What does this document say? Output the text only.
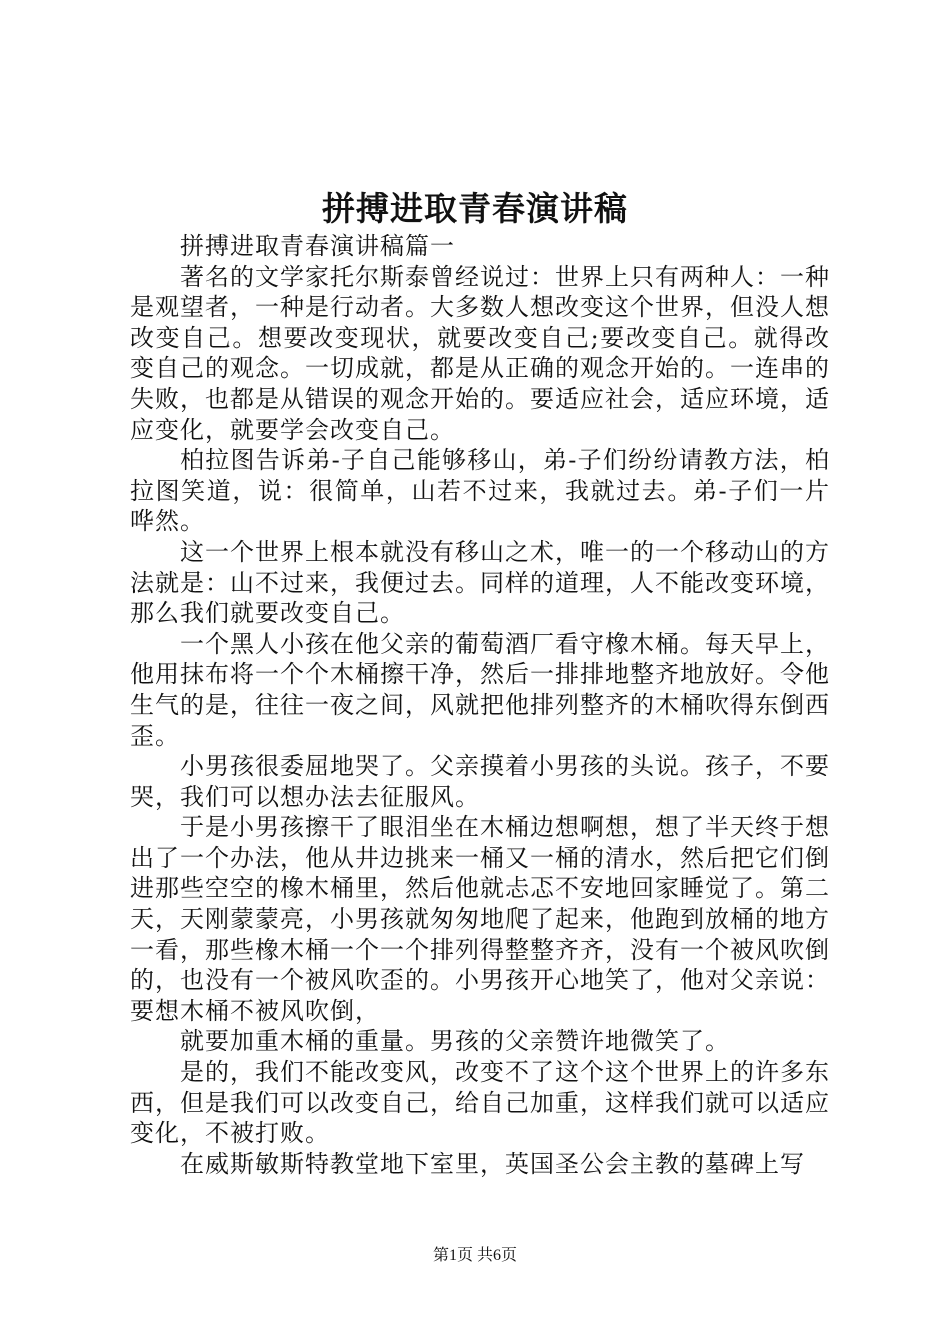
拼搏进取青春演讲稿

拼搏进取青春演讲稿篇一

著名的文学家托尔斯泰曾经说过：世界上只有两种人：一种是观望者，一种是行动者。大多数人想改变这个世界，但没人想改变自己。想要改变现状，就要改变自己;要改变自己。就得改变自己的观念。一切成就，都是从正确的观念开始的。一连串的失败，也都是从错误的观念开始的。要适应社会，适应环境，适应变化，就要学会改变自己。

柏拉图告诉弟-子自己能够移山，弟-子们纷纷请教方法，柏拉图笑道，说：很简单，山若不过来，我就过去。弟-子们一片哗然。

这一个世界上根本就没有移山之术，唯一的一个移动山的方法就是：山不过来，我便过去。同样的道理，人不能改变环境，那么我们就要改变自己。

一个黑人小孩在他父亲的葡萄酒厂看守橡木桶。每天早上，他用抹布将一个个木桶擦干净，然后一排排地整齐地放好。令他生气的是，往往一夜之间，风就把他排列整齐的木桶吹得东倒西歪。

小男孩很委屈地哭了。父亲摸着小男孩的头说。孩子，不要哭，我们可以想办法去征服风。

于是小男孩擦干了眼泪坐在木桶边想啊想，想了半天终于想出了一个办法，他从井边挑来一桶又一桶的清水，然后把它们倒进那些空空的橡木桶里，然后他就忐忑不安地回家睡觉了。第二天，天刚蒙蒙亮，小男孩就匆匆地爬了起来，他跑到放桶的地方一看，那些橡木桶一个一个排列得整整齐齐，没有一个被风吹倒的，也没有一个被风吹歪的。小男孩开心地笑了，他对父亲说：要想木桶不被风吹倒，

就要加重木桶的重量。男孩的父亲赞许地微笑了。

是的，我们不能改变风，改变不了这个这个世界上的许多东西，但是我们可以改变自己，给自己加重，这样我们就可以适应变化，不被打败。

在威斯敏斯特教堂地下室里，英国圣公会主教的墓碑上写

第1页 共6页
